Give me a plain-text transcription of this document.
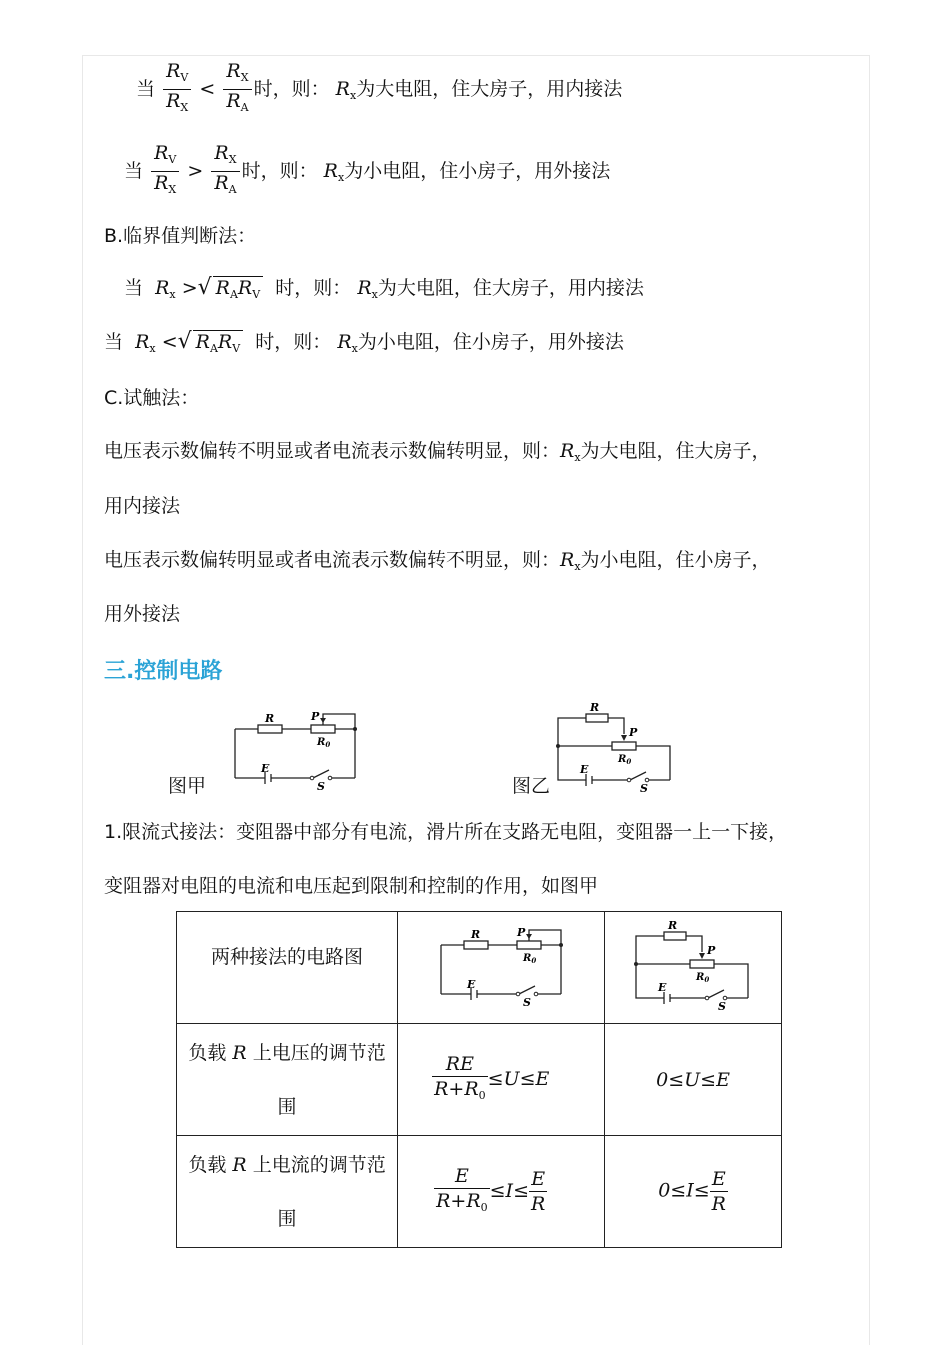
当 $\frac{R_V}{R_X} < \frac{R_X}{R_A}$ 时，则： $R_x$为大电阻，住大房子，用内接法
当 $\frac{R_V}{R_X} > \frac{R_X}{R_A}$ 时，则： $R_x$为小电阻，住小房子，用外接法
B.临界值判断法：
当 $R_x$ >√ $R_AR_V$ 时，则： $R_x$为大电阻，住大房子，用内接法
当 $R_x$ <√ $R_AR_V$ 时，则： $R_x$为小电阻，住小房子，用外接法
C.试触法：
电压表示数偏转不明显或者电流表示数偏转明显，则：$R_x$为大电阻，住大房子，
用内接法
电压表示数偏转明显或者电流表示数偏转不明显，则：$R_x$为小电阻，住小房子，
用外接法
三.控制电路
图甲
R	P
$R_0$
E
S	图乙
R
P
$R_0$
E
S
1.限流式接法：变阻器中部分有电流，滑片所在支路无电阻，变阻器一上一下接，
变阻器对电阻的电流和电压起到限制和控制的作用，如图甲
两种接法的电路图	R P
$R_0$
E
S	R
P
$R_0$
E
S

负载 R 上电压的调节范
围	$\frac{RE}{R+R_0} \le U\le E$	0≤U≤E
负载 R 上电流的调节范
围	$\frac{E}{R+R_0} \le I\le \frac{E}{R}$	$0\le I\le \frac{E}{R}$
